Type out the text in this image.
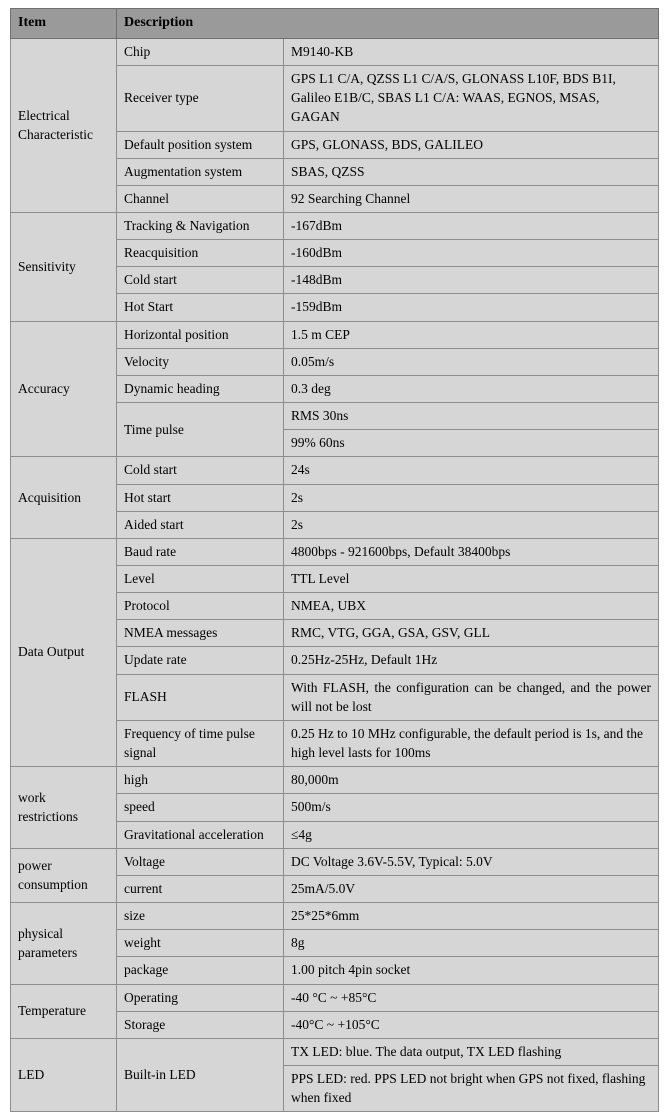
Item	Description	
Electrical Characteristic	Chip	M9140-KB
	Receiver type	GPS L1 C/A, QZSS L1 C/A/S, GLONASS L10F, BDS B1I, Galileo E1B/C, SBAS L1 C/A: WAAS, EGNOS, MSAS, GAGAN
	Default position system	GPS, GLONASS, BDS, GALILEO
	Augmentation system	SBAS, QZSS
	Channel	92 Searching Channel
Sensitivity	Tracking & Navigation	-167dBm
	Reacquisition	-160dBm
	Cold start	-148dBm
	Hot Start	-159dBm
Accuracy	Horizontal position	1.5 m CEP
	Velocity	0.05m/s
	Dynamic heading	0.3 deg
	Time pulse	RMS 30ns
		99% 60ns
Acquisition	Cold start	24s
	Hot start	2s
	Aided start	2s
Data Output	Baud rate	4800bps - 921600bps, Default 38400bps
	Level	TTL Level
	Protocol	NMEA, UBX
	NMEA messages	RMC, VTG, GGA, GSA, GSV, GLL
	Update rate	0.25Hz-25Hz, Default 1Hz
	FLASH	With FLASH, the configuration can be changed, and the power will not be lost
	Frequency of time pulse signal	0.25 Hz to 10 MHz configurable, the default period is 1s, and the high level lasts for 100ms
work restrictions	high	80,000m
	speed	500m/s
	Gravitational acceleration	≤4g
power consumption	Voltage	DC Voltage 3.6V-5.5V, Typical: 5.0V
	current	25mA/5.0V
physical parameters	size	25*25*6mm
	weight	8g
	package	1.00 pitch 4pin socket
Temperature	Operating	-40 °C ~ +85°C
	Storage	-40°C ~ +105°C
LED	Built-in LED	TX LED: blue. The data output, TX LED flashing
		PPS LED: red. PPS LED not bright when GPS not fixed, flashing when fixed
